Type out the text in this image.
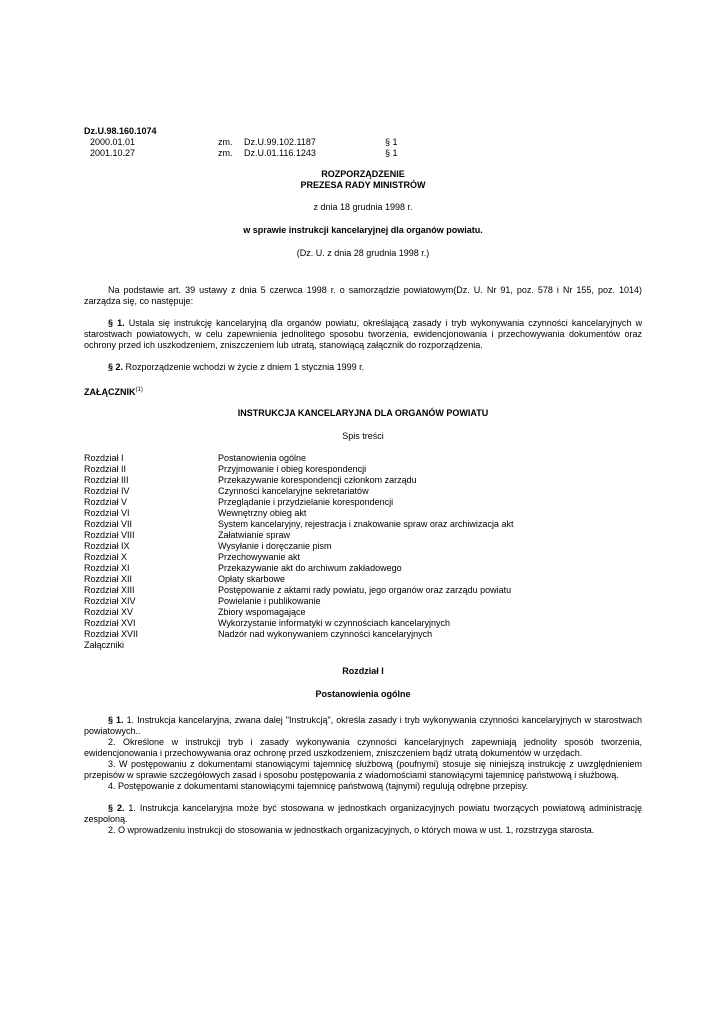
Dz.U.98.160.1074
2000.01.01	zm.	Dz.U.99.102.1187	§ 1
2001.10.27	zm.	Dz.U.01.116.1243	§ 1
ROZPORZĄDZENIE
PREZESA RADY MINISTRÓW
z dnia 18 grudnia 1998 r.
w sprawie instrukcji kancelaryjnej dla organów powiatu.
(Dz. U. z dnia 28 grudnia 1998 r.)

Na podstawie art. 39 ustawy z dnia 5 czerwca 1998 r. o samorządzie powiatowym(Dz. U. Nr 91, poz. 578 i Nr 155, poz. 1014) zarządza się, co następuje:

§ 1. Ustala się instrukcję kancelaryjną dla organów powiatu, określającą zasady i tryb wykonywania czynności kancelaryjnych w starostwach powiatowych, w celu zapewnienia jednolitego sposobu tworzenia, ewidencjonowania i przechowywania dokumentów oraz ochrony przed ich uszkodzeniem, zniszczeniem lub utratą, stanowiącą załącznik do rozporządzenia.

§ 2. Rozporządzenie wchodzi w życie z dniem 1 stycznia 1999 r.

ZAŁĄCZNIK$^{(1)}$
INSTRUKCJA KANCELARYJNA DLA ORGANÓW POWIATU
Spis treści
Rozdział I	Postanowienia ogólne
Rozdział II	Przyjmowanie i obieg korespondencji
Rozdział III	Przekazywanie korespondencji członkom zarządu
Rozdział IV	Czynności kancelaryjne sekretariatów
Rozdział V	Przeglądanie i przydzielanie korespondencji
Rozdział VI	Wewnętrzny obieg akt
Rozdział VII	System kancelaryjny, rejestracja i znakowanie spraw oraz archiwizacja akt
Rozdział VIII	Załatwianie spraw
Rozdział IX	Wysyłanie i doręczanie pism
Rozdział X	Przechowywanie akt
Rozdział XI	Przekazywanie akt do archiwum zakładowego
Rozdział XII	Opłaty skarbowe
Rozdział XIII	Postępowanie z aktami rady powiatu, jego organów oraz zarządu powiatu
Rozdział XIV	Powielanie i publikowanie
Rozdział XV	Zbiory wspomagające
Rozdział XVI	Wykorzystanie informatyki w czynnościach kancelaryjnych
Rozdział XVII	Nadzór nad wykonywaniem czynności kancelaryjnych
Załączniki
Rozdział I
Postanowienia ogólne

§ 1. 1. Instrukcja kancelaryjna, zwana dalej "Instrukcją", określa zasady i tryb wykonywania czynności kancelaryjnych w starostwach powiatowych..

2. Określone w instrukcji tryb i zasady wykonywania czynności kancelaryjnych zapewniają jednolity sposób tworzenia, ewidencjonowania i przechowywania oraz ochronę przed uszkodzeniem, zniszczeniem bądź utratą dokumentów w urzędach.

3. W postępowaniu z dokumentami stanowiącymi tajemnicę służbową (poufnymi) stosuje się niniejszą instrukcję z uwzględnieniem przepisów w sprawie szczegółowych zasad i sposobu postępowania z wiadomościami stanowiącymi tajemnicę państwową i służbową.

4. Postępowanie z dokumentami stanowiącymi tajemnicę państwową (tajnymi) regulują odrębne przepisy.

§ 2. 1. Instrukcja kancelaryjna może być stosowana w jednostkach organizacyjnych powiatu tworzących powiatową administrację zespoloną.

2. O wprowadzeniu instrukcji do stosowania w jednostkach organizacyjnych, o których mowa w ust. 1, rozstrzyga starosta.
